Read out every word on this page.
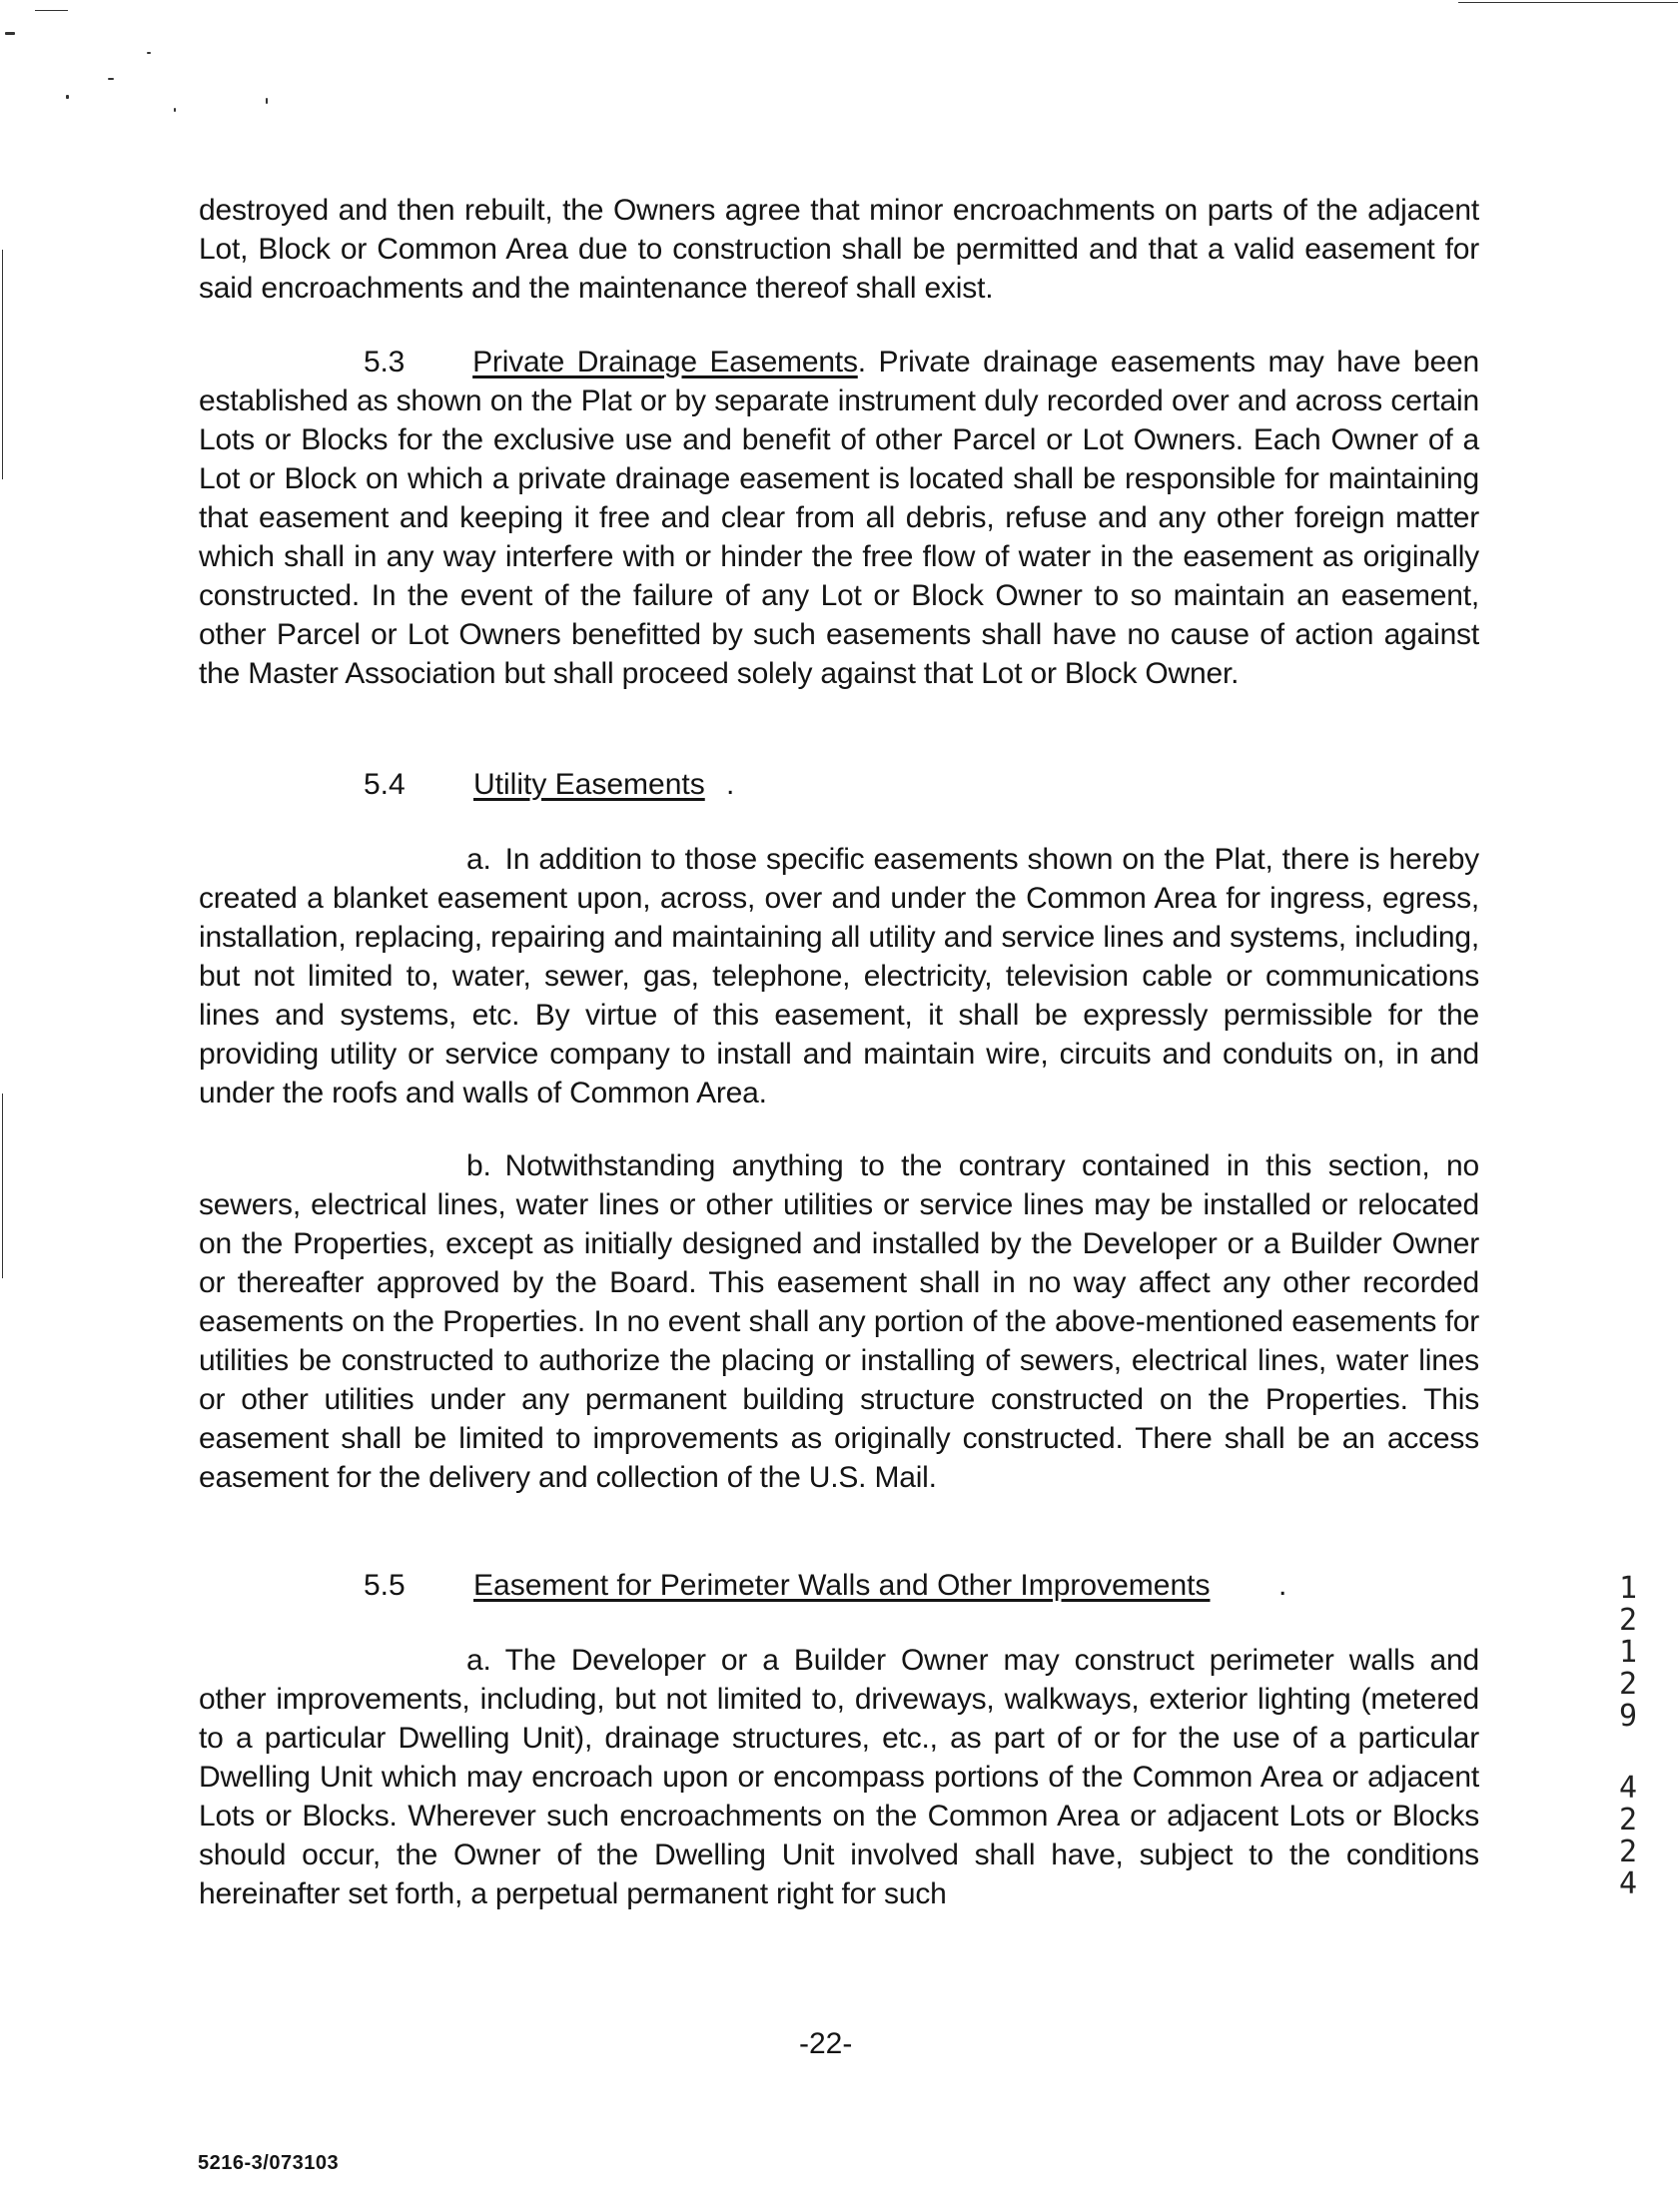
destroyed and then rebuilt, the Owners agree that minor encroachments on parts of the adjacent Lot, Block or Common Area due to construction shall be permitted and that a valid easement for said encroachments and the maintenance thereof shall exist.
5.3 Private Drainage Easements. Private drainage easements may have been established as shown on the Plat or by separate instrument duly recorded over and across certain Lots or Blocks for the exclusive use and benefit of other Parcel or Lot Owners. Each Owner of a Lot or Block on which a private drainage easement is located shall be responsible for maintaining that easement and keeping it free and clear from all debris, refuse and any other foreign matter which shall in any way interfere with or hinder the free flow of water in the easement as originally constructed. In the event of the failure of any Lot or Block Owner to so maintain an easement, other Parcel or Lot Owners benefitted by such easements shall have no cause of action against the Master Association but shall proceed solely against that Lot or Block Owner.
5.4 Utility Easements .
a. In addition to those specific easements shown on the Plat, there is hereby created a blanket easement upon, across, over and under the Common Area for ingress, egress, installation, replacing, repairing and maintaining all utility and service lines and systems, including, but not limited to, water, sewer, gas, telephone, electricity, television cable or communications lines and systems, etc. By virtue of this easement, it shall be expressly permissible for the providing utility or service company to install and maintain wire, circuits and conduits on, in and under the roofs and walls of Common Area.
b. Notwithstanding anything to the contrary contained in this section, no sewers, electrical lines, water lines or other utilities or service lines may be installed or relocated on the Properties, except as initially designed and installed by the Developer or a Builder Owner or thereafter approved by the Board. This easement shall in no way affect any other recorded easements on the Properties. In no event shall any portion of the above-mentioned easements for utilities be constructed to authorize the placing or installing of sewers, electrical lines, water lines or other utilities under any permanent building structure constructed on the Properties. This easement shall be limited to improvements as originally constructed. There shall be an access easement for the delivery and collection of the U.S. Mail.
5.5 Easement for Perimeter Walls and Other Improvements .
a. The Developer or a Builder Owner may construct perimeter walls and other improvements, including, but not limited to, driveways, walkways, exterior lighting (metered to a particular Dwelling Unit), drainage structures, etc., as part of or for the use of a particular Dwelling Unit which may encroach upon or encompass portions of the Common Area or adjacent Lots or Blocks. Wherever such encroachments on the Common Area or adjacent Lots or Blocks should occur, the Owner of the Dwelling Unit involved shall have, subject to the conditions hereinafter set forth, a perpetual permanent right for such
1
2
1
2
9
4
2
2
4
-22-
5216-3/073103
